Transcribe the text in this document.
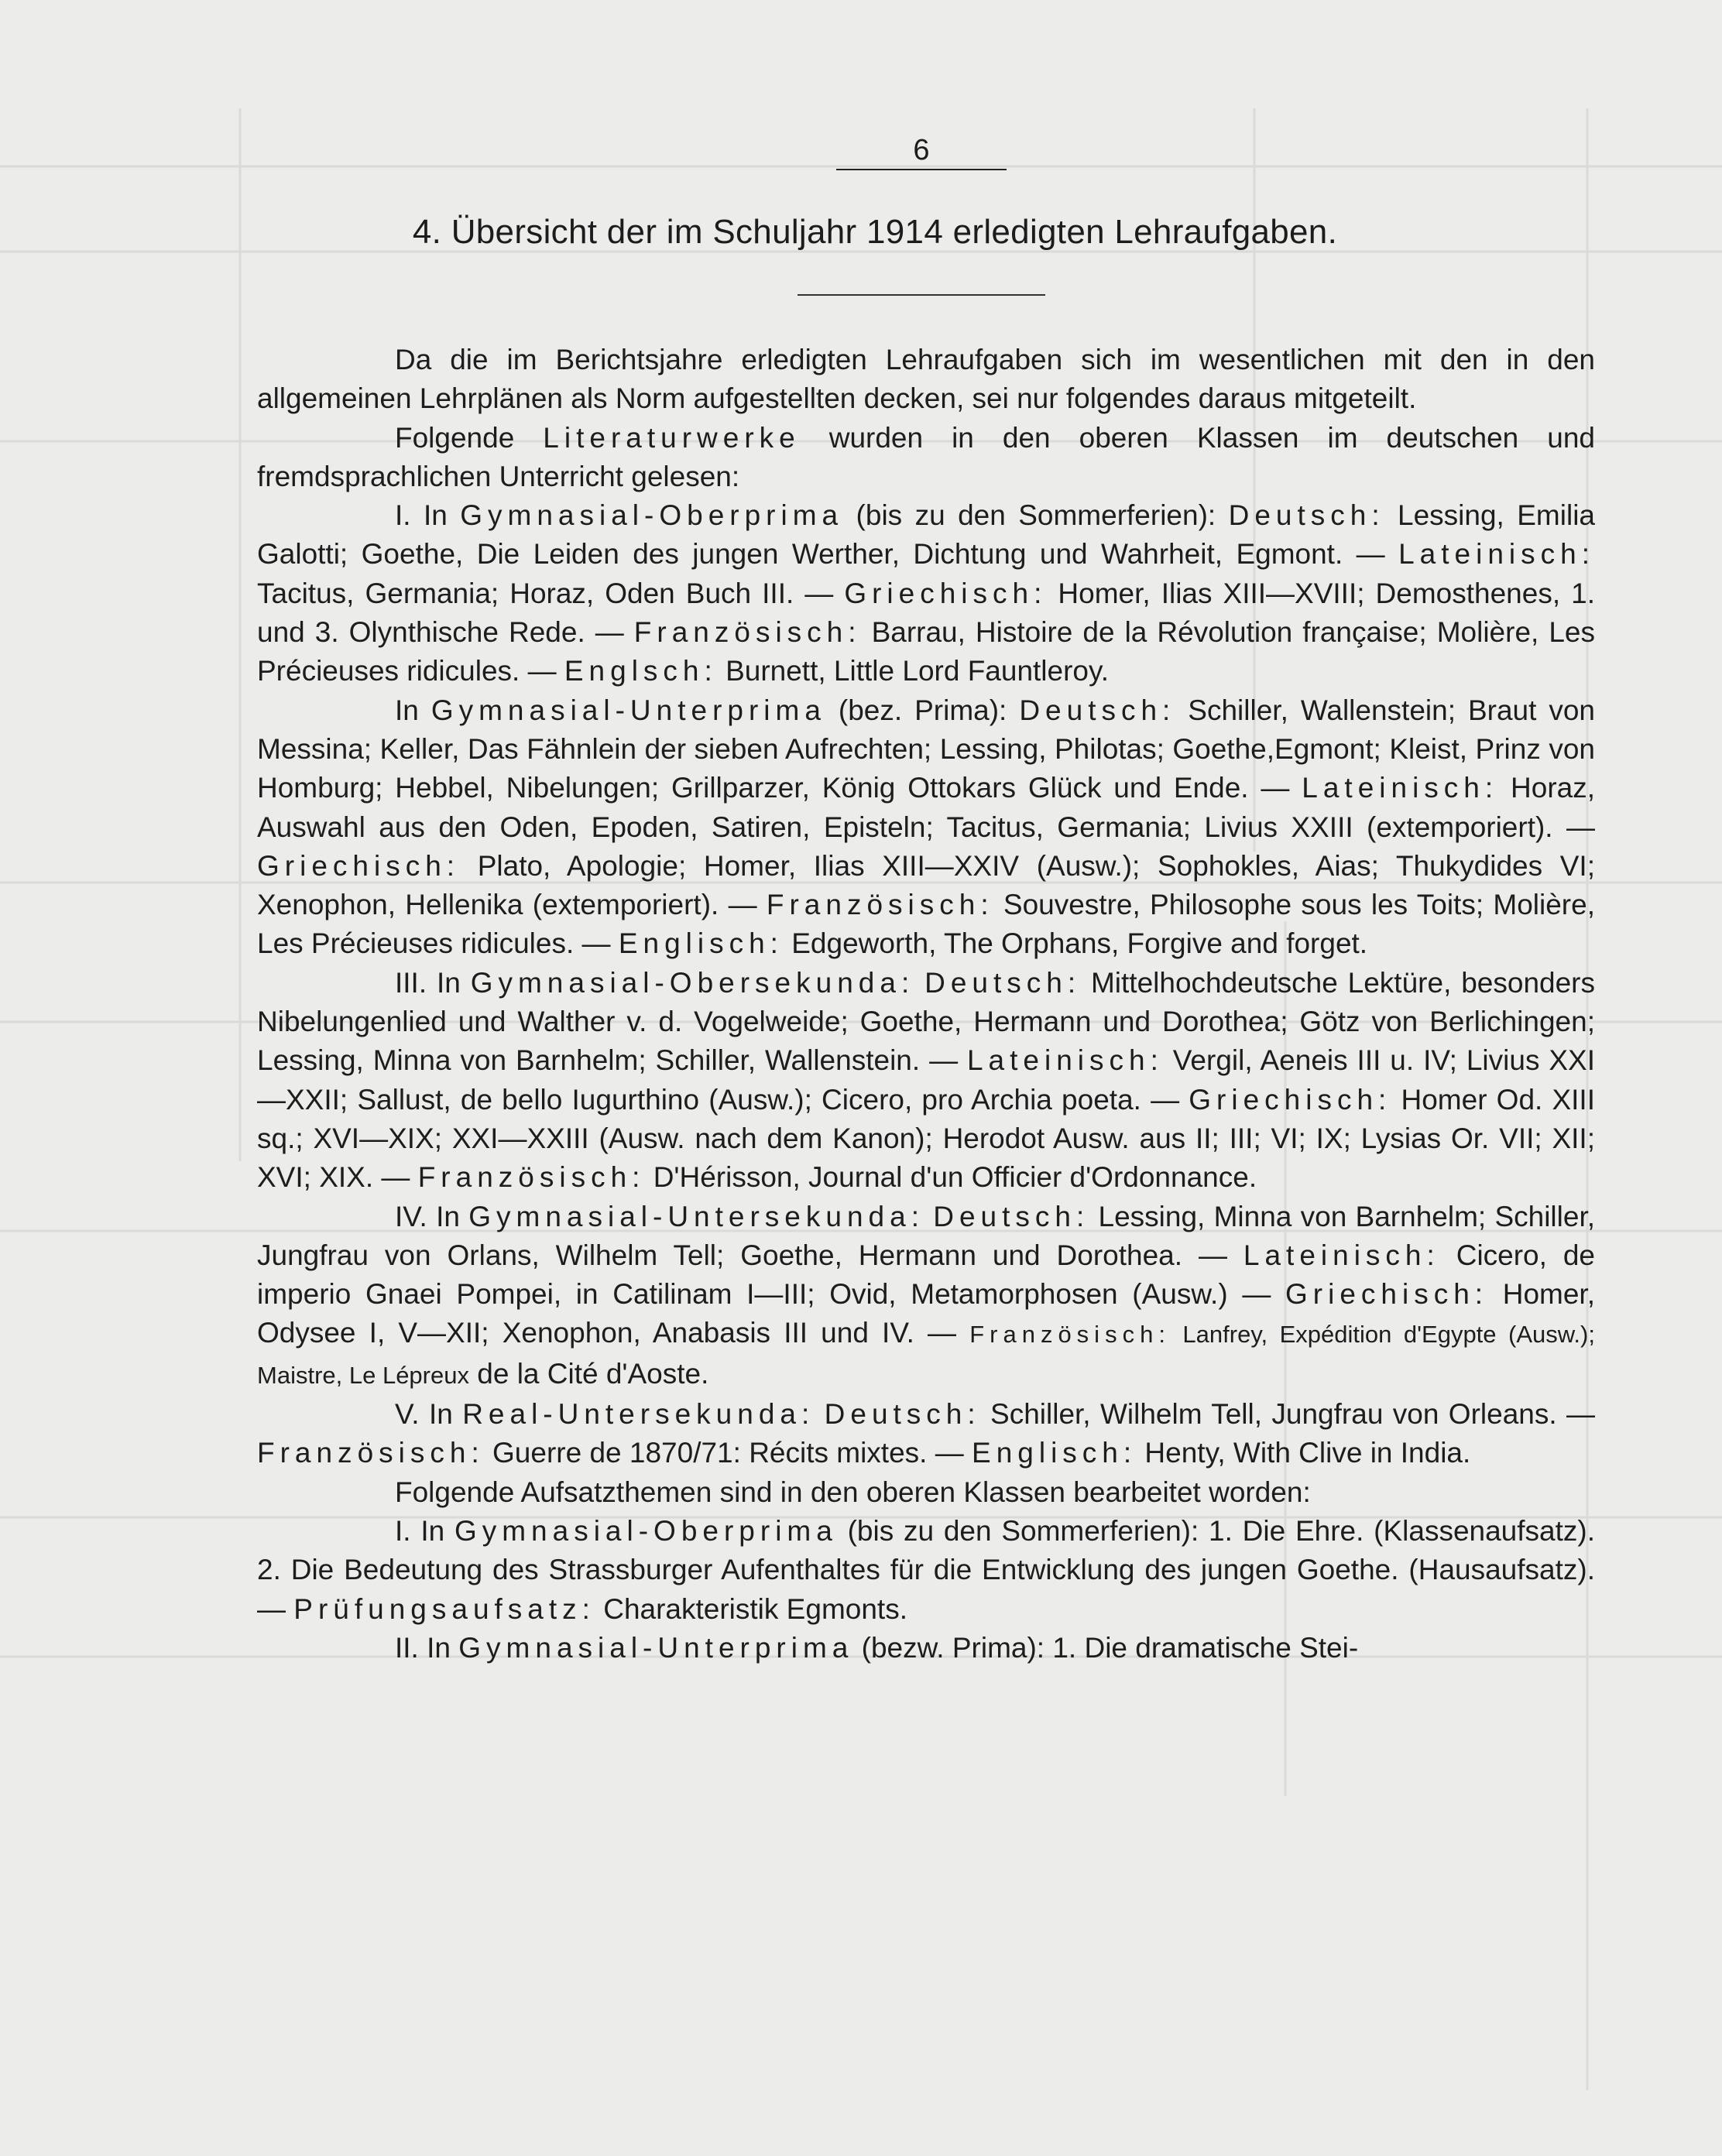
6
4. Übersicht der im Schuljahr 1914 erledigten Lehraufgaben.

Da die im Berichtsjahre erledigten Lehraufgaben sich im wesentlichen mit den in den allgemeinen Lehrplänen als Norm aufgestellten decken, sei nur folgendes daraus mitgeteilt.

Folgende Literaturwerke wurden in den oberen Klassen im deutschen und fremdsprachlichen Unterricht gelesen:

I. In Gymnasial-Oberprima (bis zu den Sommerferien): Deutsch: Lessing, Emilia Galotti; Goethe, Die Leiden des jungen Werther, Dichtung und Wahrheit, Egmont. — Lateinisch: Tacitus, Germania; Horaz, Oden Buch III. — Griechisch: Homer, Ilias XIII—XVIII; Demosthenes, 1. und 3. Olynthische Rede. — Französisch: Barrau, Histoire de la Révolution française; Molière, Les Précieuses ridicules. — Englsch: Burnett, Little Lord Fauntleroy.

In Gymnasial-Unterprima (bez. Prima): Deutsch: Schiller, Wallenstein; Braut von Messina; Keller, Das Fähnlein der sieben Aufrechten; Lessing, Philotas; Goethe,Egmont; Kleist, Prinz von Homburg; Hebbel, Nibelungen; Grillparzer, König Ottokars Glück und Ende. — Lateinisch: Horaz, Auswahl aus den Oden, Epoden, Satiren, Episteln; Tacitus, Germania; Livius XXIII (extemporiert). — Griechisch: Plato, Apologie; Homer, Ilias XIII—XXIV (Ausw.); Sophokles, Aias; Thukydides VI; Xenophon, Hellenika (extemporiert). — Französisch: Souvestre, Philosophe sous les Toits; Molière, Les Précieuses ridicules. — Englisch: Edgeworth, The Orphans, Forgive and forget.

III. In Gymnasial-Obersekunda: Deutsch: Mittelhochdeutsche Lektüre, besonders Nibelungenlied und Walther v. d. Vogelweide; Goethe, Hermann und Dorothea; Götz von Berlichingen; Lessing, Minna von Barnhelm; Schiller, Wallenstein. — Lateinisch: Vergil, Aeneis III u. IV; Livius XXI—XXII; Sallust, de bello Iugurthino (Ausw.); Cicero, pro Archia poeta. — Griechisch: Homer Od. XIII sq.; XVI—XIX; XXI—XXIII (Ausw. nach dem Kanon); Herodot Ausw. aus II; III; VI; IX; Lysias Or. VII; XII; XVI; XIX. — Französisch: D'Hérisson, Journal d'un Officier d'Ordonnance.

IV. In Gymnasial-Untersekunda: Deutsch: Lessing, Minna von Barnhelm; Schiller, Jungfrau von Orlans, Wilhelm Tell; Goethe, Hermann und Dorothea. — Lateinisch: Cicero, de imperio Gnaei Pompei, in Catilinam I—III; Ovid, Metamorphosen (Ausw.) — Griechisch: Homer, Odysee I, V—XII; Xenophon, Anabasis III und IV. — Französisch: Lanfrey, Expédition d'Egypte (Ausw.); Maistre, Le Lépreux de la Cité d'Aoste.

V. In Real-Untersekunda: Deutsch: Schiller, Wilhelm Tell, Jungfrau von Orleans. — Französisch: Guerre de 1870/71: Récits mixtes. — Englisch: Henty, With Clive in India.

Folgende Aufsatzthemen sind in den oberen Klassen bearbeitet worden:

I. In Gymnasial-Oberprima (bis zu den Sommerferien): 1. Die Ehre. (Klassenaufsatz). 2. Die Bedeutung des Strassburger Aufenthaltes für die Entwicklung des jungen Goethe. (Hausaufsatz). — Prüfungsaufsatz: Charakteristik Egmonts.

II. In Gymnasial-Unterprima (bezw. Prima): 1. Die dramatische Stei-
